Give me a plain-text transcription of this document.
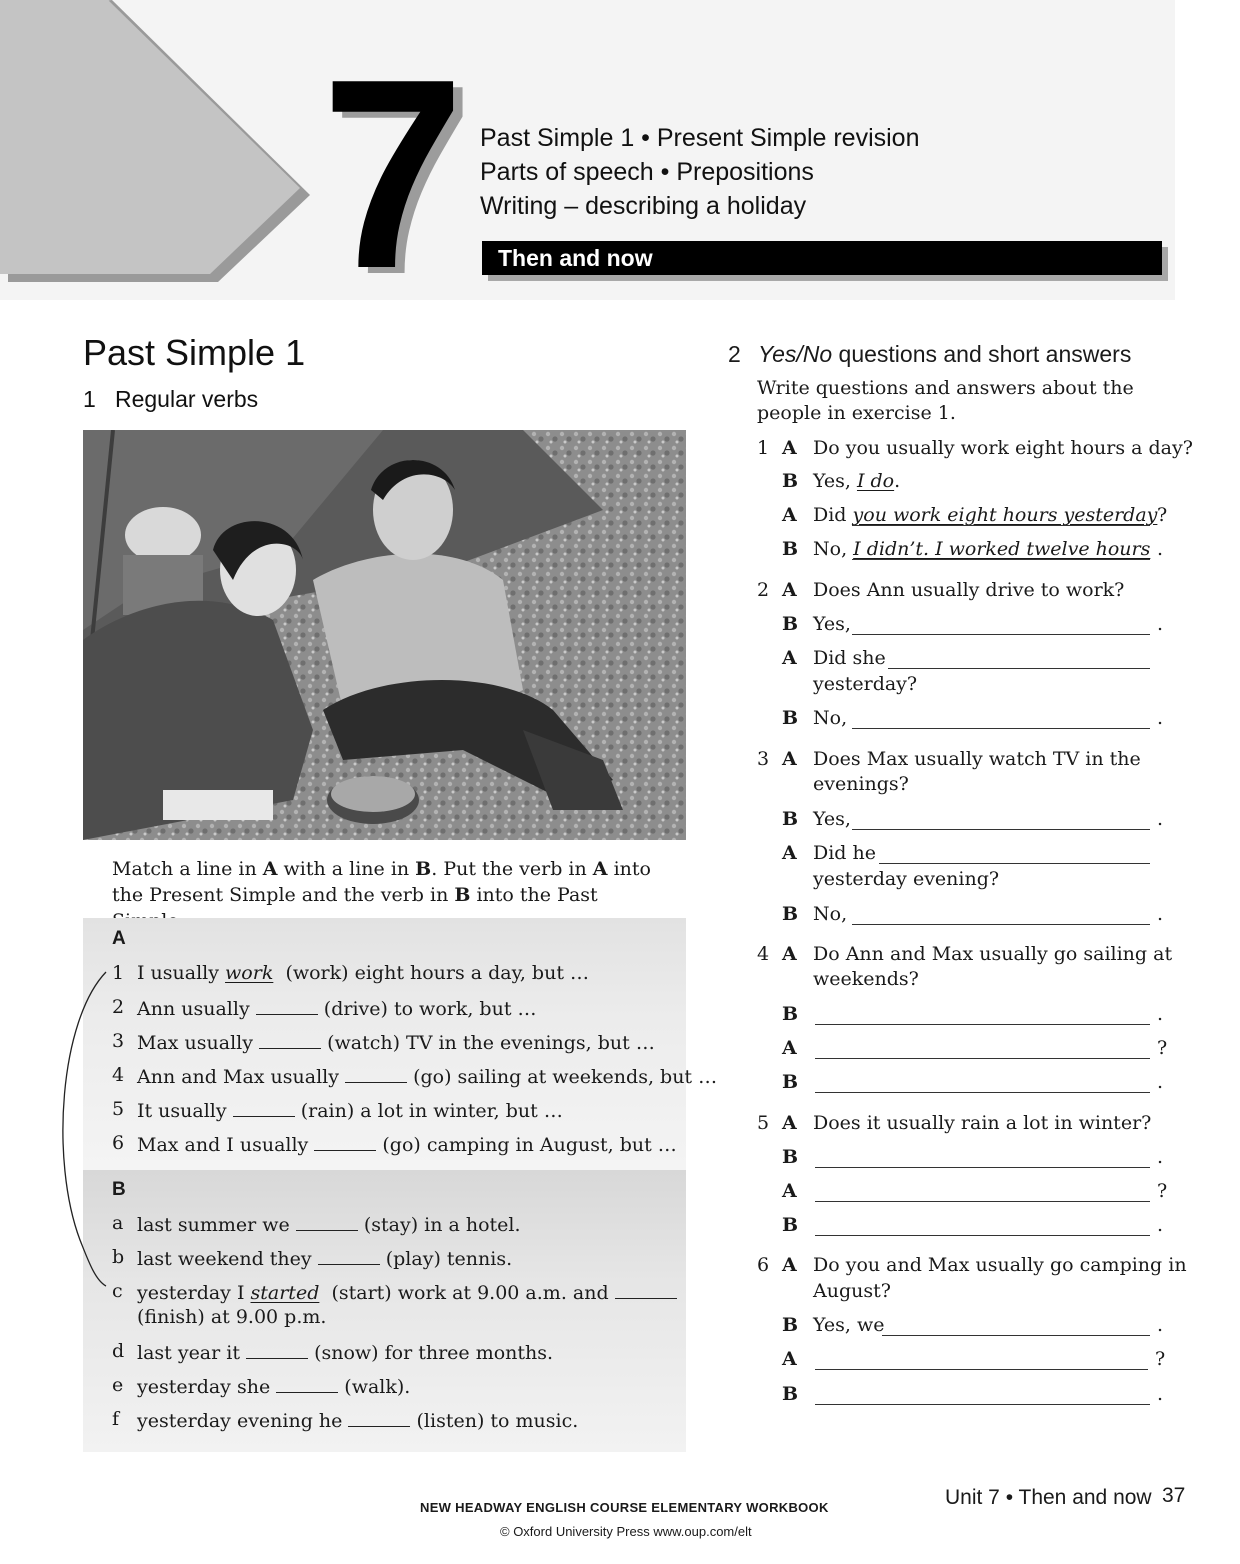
7 Past Simple 1 • Present Simple revision
Parts of speech • Prepositions
Writing – describing a holiday
Then and now
Past Simple 1
1 Regular verbs
Match a line in A with a line in B. Put the verb in A into the Present Simple and the verb in B into the Past
A
1 I usually work (work) eight hours a day, but …
2 Ann usually	(drive) to work, but …
3 Max usually	(watch) TV in the evenings, but …
4 Ann and Max usually	(go) sailing at weekends, but …
5 It usually	(rain) a lot in winter, but …
6 Max and I usually	(go) camping in August, but …
B
a last summer we	(stay) in a hotel.
b last weekend they	(play) tennis.
c yesterday I started (start) work at 9.00 a.m. and
(finish) at 9.00 p.m.
d last year it	(snow) for three months.
e yesterday she	(walk).
f yesterday evening he	(listen) to music.
2 Yes/No questions and short answers
Write questions and answers about the people in exercise 1.
1 A Do you usually work eight hours a day?
B Yes, I do.
A Did you work eight hours yesterday ?
B No, I didn’t. I worked twelve hours .
2 A Does Ann usually drive to work?
B Yes,	.
A Did she
yesterday?
B No,	.
3 A Does Max usually watch TV in the
evenings?
B Yes,	.
A Did he
yesterday evening?
B No,	.
4 A Do Ann and Max usually go sailing at
weekends?
B	.
A	?
B	.
5 A Does it usually rain a lot in winter?
B	.
A	?
B	.
6 A Do you and Max usually go camping in
August?
B Yes, we	.
A	?
B	.
NEW HEADWAY ENGLISH COURSE ELEMENTARY WORKBOOK
© Oxford University Press www.oup.com/elt
Unit 7 • Then and now 37
